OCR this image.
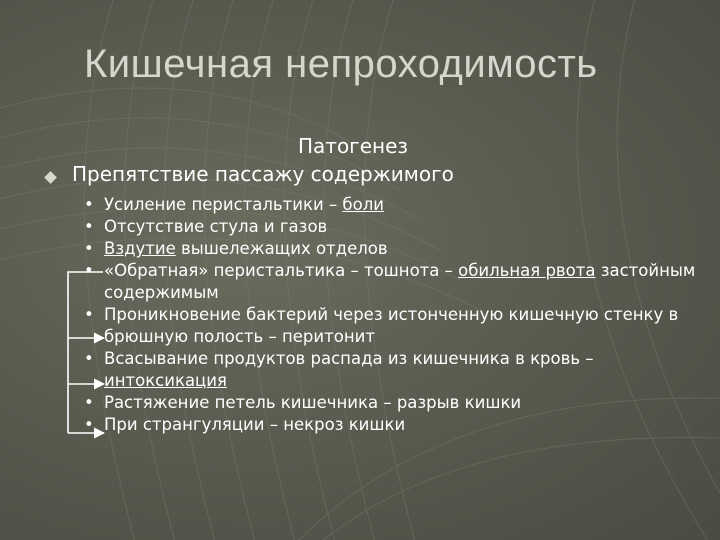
Кишечная непроходимость
Патогенез
Препятствие пассажу содержимого
• Усиление перистальтики – боли
• Отсутствие стула и газов
• Вздутие вышележащих отделов
• «Обратная» перистальтика – тошнота – обильная рвота застойным содержимым
• Проникновение бактерий через истонченную кишечную стенку в брюшную полость – перитонит
• Всасывание продуктов распада из кишечника в кровь – интоксикация
• Растяжение петель кишечника – разрыв кишки
• При странгуляции – некроз кишки
